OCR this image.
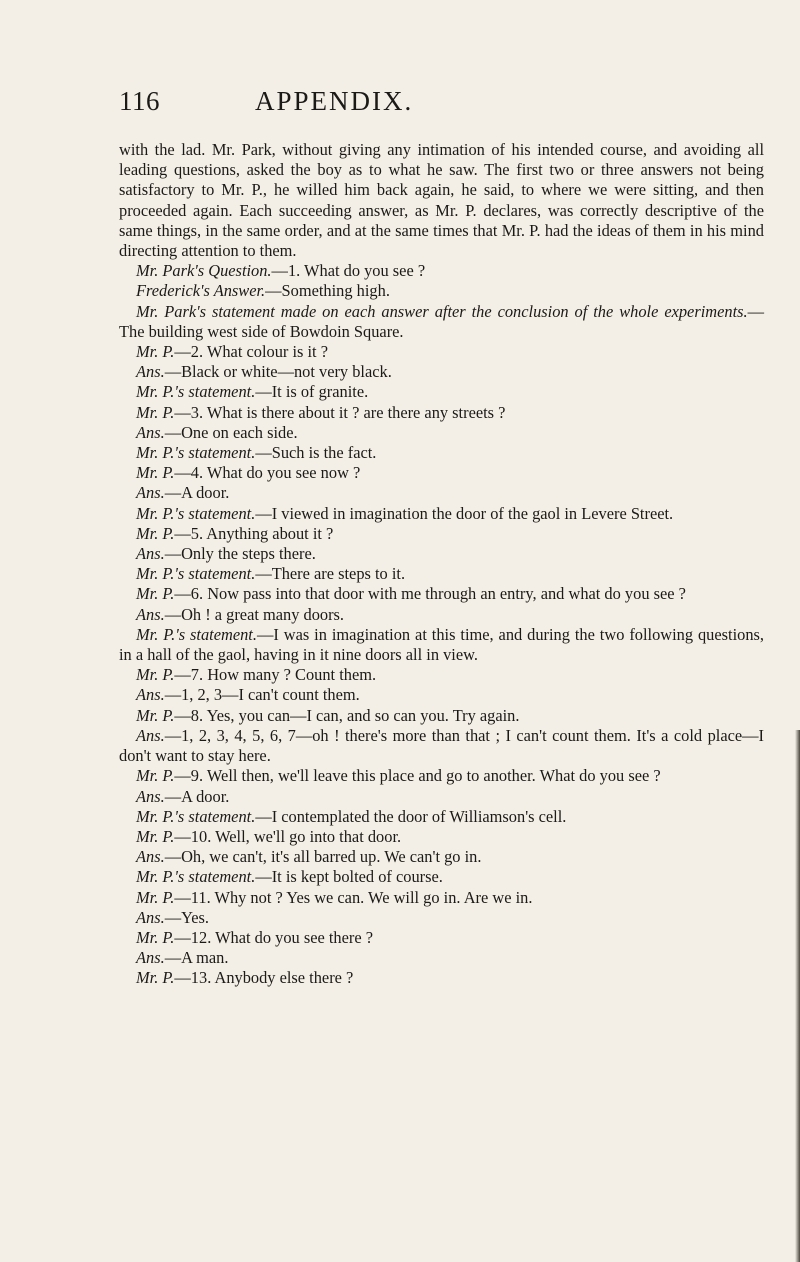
116	APPENDIX.

with the lad. Mr. Park, without giving any intimation of his intended course, and avoiding all leading questions, asked the boy as to what he saw. The first two or three answers not being satisfactory to Mr. P., he willed him back again, he said, to where we were sitting, and then proceeded again. Each succeeding answer, as Mr. P. declares, was correctly descriptive of the same things, in the same order, and at the same times that Mr. P. had the ideas of them in his mind directing attention to them.

Mr. Park's Question.—1. What do you see ?

Frederick's Answer.—Something high.

Mr. Park's statement made on each answer after the conclusion of the whole experiments.—The building west side of Bowdoin Square.

Mr. P.—2. What colour is it ?

Ans.—Black or white—not very black.

Mr. P.'s statement.—It is of granite.

Mr. P.—3. What is there about it ? are there any streets ?

Ans.—One on each side.

Mr. P.'s statement.—Such is the fact.

Mr. P.—4. What do you see now ?

Ans.—A door.

Mr. P.'s statement.—I viewed in imagination the door of the gaol in Levere Street.

Mr. P.—5. Anything about it ?

Ans.—Only the steps there.

Mr. P.'s statement.—There are steps to it.

Mr. P.—6. Now pass into that door with me through an entry, and what do you see ?

Ans.—Oh ! a great many doors.

Mr. P.'s statement.—I was in imagination at this time, and during the two following questions, in a hall of the gaol, having in it nine doors all in view.

Mr. P.—7. How many ? Count them.

Ans.—1, 2, 3—I can't count them.

Mr. P.—8. Yes, you can—I can, and so can you. Try again.

Ans.—1, 2, 3, 4, 5, 6, 7—oh ! there's more than that ; I can't count them. It's a cold place—I don't want to stay here.

Mr. P.—9. Well then, we'll leave this place and go to another. What do you see ?

Ans.—A door.

Mr. P.'s statement.—I contemplated the door of Williamson's cell.

Mr. P.—10. Well, we'll go into that door.

Ans.—Oh, we can't, it's all barred up. We can't go in.

Mr. P.'s statement.—It is kept bolted of course.

Mr. P.—11. Why not ? Yes we can. We will go in. Are we in.

Ans.—Yes.

Mr. P.—12. What do you see there ?

Ans.—A man.

Mr. P.—13. Anybody else there ?
